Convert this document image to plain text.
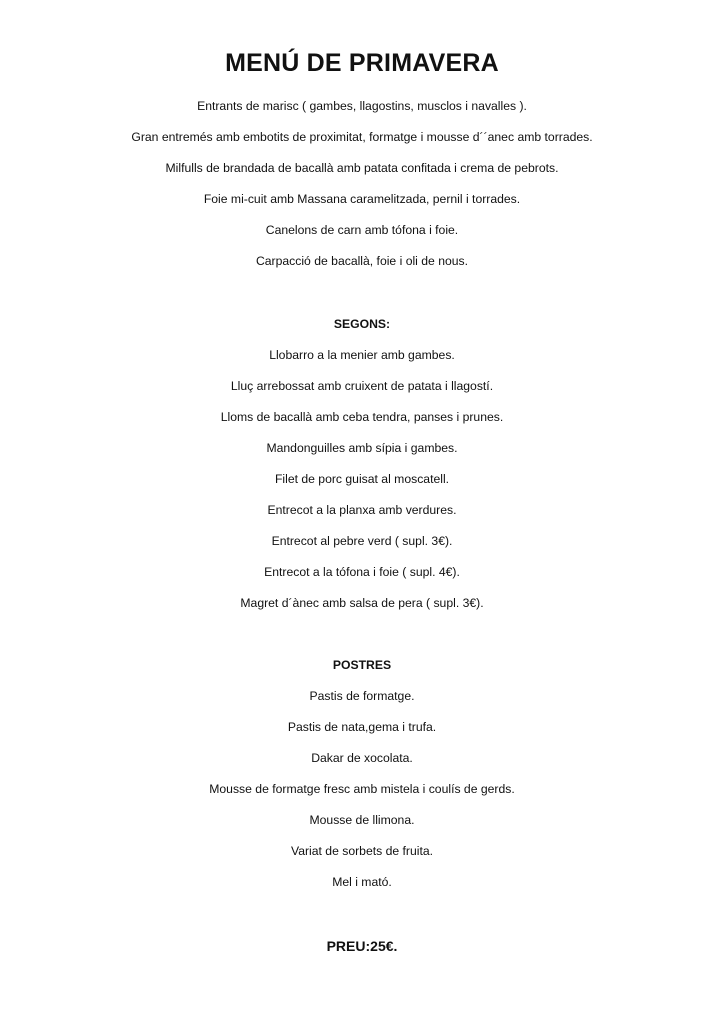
MENÚ DE PRIMAVERA
Entrants de marisc ( gambes, llagostins, musclos i navalles ).
Gran entremés amb embotits de proximitat, formatge i mousse d´´anec amb torrades.
Milfulls de brandada de bacallà amb patata confitada i crema de pebrots.
Foie mi-cuit amb Massana caramelitzada, pernil i torrades.
Canelons de carn amb tófona i foie.
Carpacció de bacallà, foie i oli de nous.
SEGONS:
Llobarro a la menier amb gambes.
Lluç arrebossat amb cruixent de patata i llagostí.
Lloms de bacallà amb ceba tendra, panses i prunes.
Mandonguilles amb sípia i gambes.
Filet de porc guisat al moscatell.
Entrecot a la planxa amb verdures.
Entrecot al pebre verd ( supl. 3€).
Entrecot a la tófona i foie ( supl. 4€).
Magret d´ànec amb salsa de pera ( supl. 3€).
POSTRES
Pastis de formatge.
Pastis de nata,gema i trufa.
Dakar de xocolata.
Mousse de formatge fresc amb mistela i coulís de gerds.
Mousse de llimona.
Variat de sorbets de fruita.
Mel i mató.
PREU:25€.
